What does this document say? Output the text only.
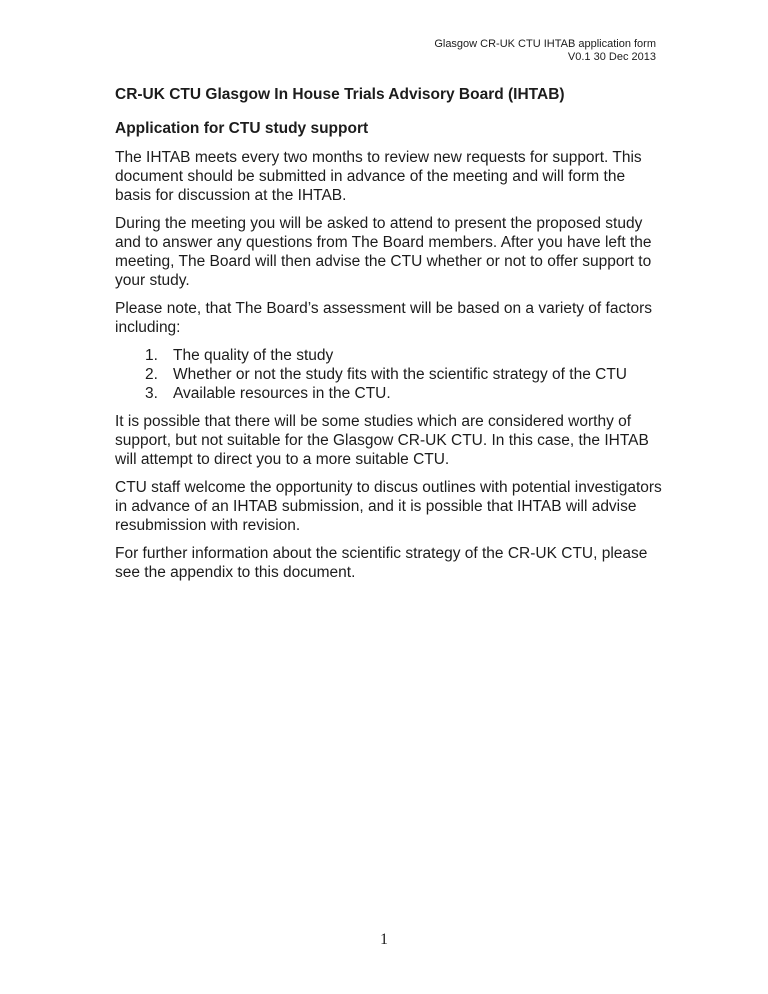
Glasgow CR-UK CTU IHTAB application form
V0.1 30 Dec 2013
CR-UK CTU Glasgow In House Trials Advisory Board (IHTAB)
Application for CTU study support

The IHTAB meets every two months to review new requests for support. This document should be submitted in advance of the meeting and will form the basis for discussion at the IHTAB.

During the meeting you will be asked to attend to present the proposed study and to answer any questions from The Board members. After you have left the meeting, The Board will then advise the CTU whether or not to offer support to your study.

Please note, that The Board’s assessment will be based on a variety of factors including:

1. The quality of the study
2. Whether or not the study fits with the scientific strategy of the CTU
3. Available resources in the CTU.

It is possible that there will be some studies which are considered worthy of support, but not suitable for the Glasgow CR-UK CTU. In this case, the IHTAB will attempt to direct you to a more suitable CTU.

CTU staff welcome the opportunity to discus outlines with potential investigators in advance of an IHTAB submission, and it is possible that IHTAB will advise resubmission with revision.

For further information about the scientific strategy of the CR-UK CTU, please see the appendix to this document.

1
